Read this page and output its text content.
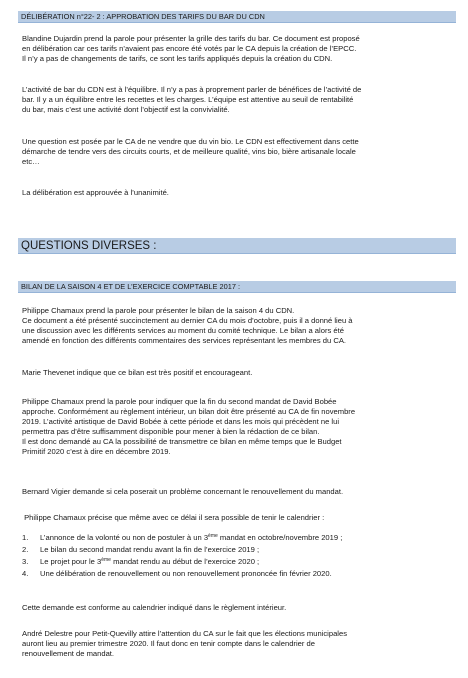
DÉLIBÉRATION n°22- 2 : APPROBATION DES TARIFS DU BAR DU CDN

Blandine Dujardin prend la parole pour présenter la grille des tarifs du bar. Ce document est proposé
en délibération car ces tarifs n’avaient pas encore été votés par le CA depuis la création de l’EPCC.
Il n’y a pas de changements de tarifs, ce sont les tarifs appliqués depuis la création du CDN.

L’activité de bar du CDN est à l’équilibre. Il n’y a pas à proprement parler de bénéfices de l’activité de
bar. Il y a un équilibre entre les recettes et les charges. L’équipe est attentive au seuil de rentabilité
du bar, mais c’est une activité dont l’objectif est la convivialité.

Une question est posée par le CA de ne vendre que du vin bio. Le CDN est effectivement dans cette
démarche de tendre vers des circuits courts, et de meilleure qualité, vins bio, bière artisanale locale
etc…

La délibération est approuvée à l’unanimité.

QUESTIONS DIVERSES :
BILAN DE LA SAISON 4 ET DE L’EXERCICE COMPTABLE 2017 :

Philippe Chamaux prend la parole pour présenter le bilan de la saison 4 du CDN.
Ce document a été présenté succinctement au dernier CA du mois d’octobre, puis il a donné lieu à
une discussion avec les différents services au moment du comité technique. Le bilan a alors été
amendé en fonction des différents commentaires des services représentant les membres du CA.

Marie Thevenet indique que ce bilan est très positif et encourageant.

Philippe Chamaux prend la parole pour indiquer que la fin du second mandat de David Bobée
approche. Conformément au règlement intérieur, un bilan doit être présenté au CA de fin novembre
2019. L’activité artistique de David Bobée à cette période et dans les mois qui précèdent ne lui
permettra pas d’être suffisamment disponible pour mener à bien la rédaction de ce bilan.
Il est donc demandé au CA la possibilité de transmettre ce bilan en même temps que le Budget
Primitif 2020 c’est à dire en décembre 2019.

Bernard Vigier demande si cela poserait un problème concernant le renouvellement du mandat.

Philippe Chamaux précise que même avec ce délai il sera possible de tenir le calendrier :

1.	L’annonce de la volonté ou non de postuler à un 3ème mandat en octobre/novembre 2019 ;
2.	Le bilan du second mandat rendu avant la fin de l’exercice 2019 ;
3.	Le projet pour le 3ème mandat rendu au début de l’exercice 2020 ;
4.	Une délibération de renouvellement ou non renouvellement prononcée fin février 2020.

Cette demande est conforme au calendrier indiqué dans le règlement intérieur.

André Delestre pour Petit-Quevilly attire l’attention du CA sur le fait que les élections municipales
auront lieu au premier trimestre 2020. Il faut donc en tenir compte dans le calendrier de
renouvellement de mandat.
